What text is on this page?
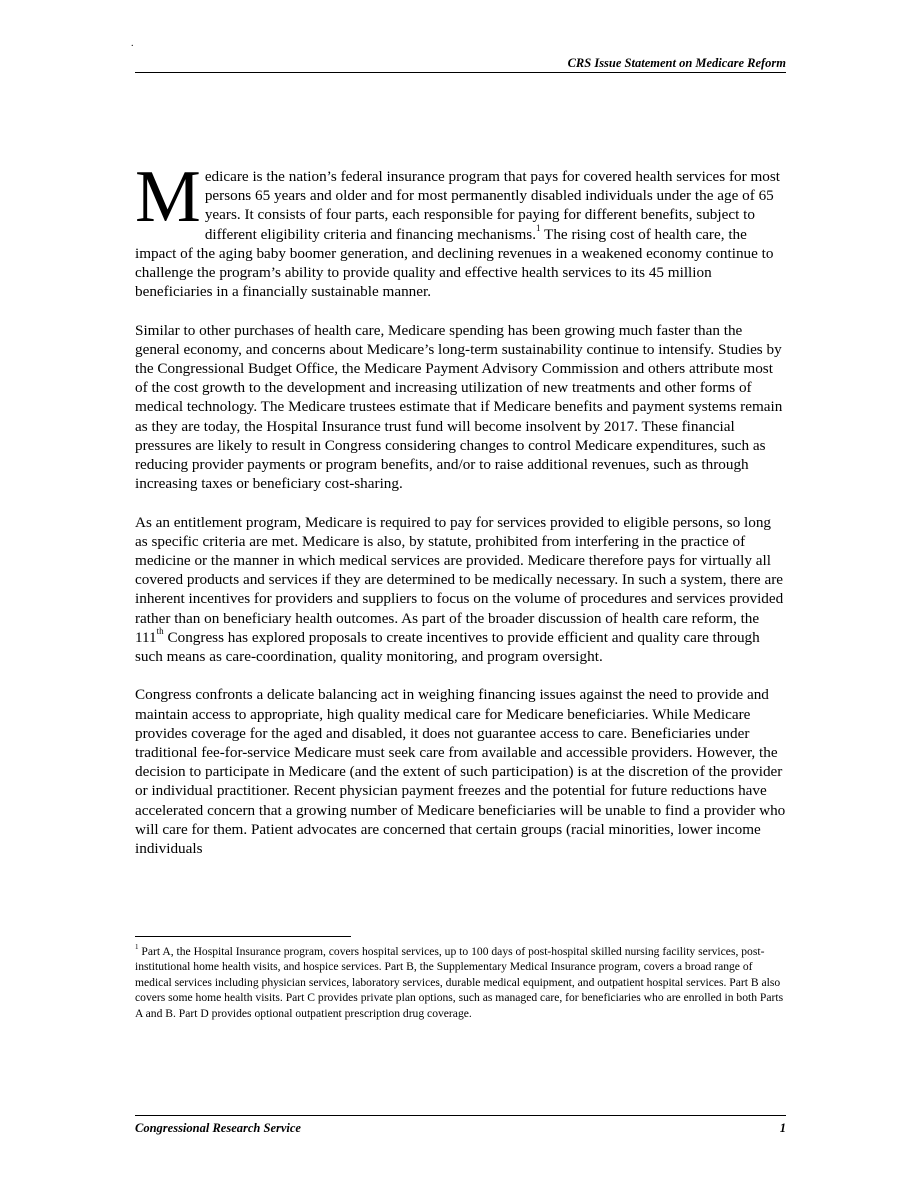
.
CRS Issue Statement on Medicare Reform

Medicare is the nation’s federal insurance program that pays for covered health services for most persons 65 years and older and for most permanently disabled individuals under the age of 65 years. It consists of four parts, each responsible for paying for different benefits, subject to different eligibility criteria and financing mechanisms.$^1$ The rising cost of health care, the impact of the aging baby boomer generation, and declining revenues in a weakened economy continue to challenge the program’s ability to provide quality and effective health services to its 45 million beneficiaries in a financially sustainable manner.

Similar to other purchases of health care, Medicare spending has been growing much faster than the general economy, and concerns about Medicare’s long-term sustainability continue to intensify. Studies by the Congressional Budget Office, the Medicare Payment Advisory Commission and others attribute most of the cost growth to the development and increasing utilization of new treatments and other forms of medical technology. The Medicare trustees estimate that if Medicare benefits and payment systems remain as they are today, the Hospital Insurance trust fund will become insolvent by 2017. These financial pressures are likely to result in Congress considering changes to control Medicare expenditures, such as reducing provider payments or program benefits, and/or to raise additional revenues, such as through increasing taxes or beneficiary cost-sharing.

As an entitlement program, Medicare is required to pay for services provided to eligible persons, so long as specific criteria are met. Medicare is also, by statute, prohibited from interfering in the practice of medicine or the manner in which medical services are provided. Medicare therefore pays for virtually all covered products and services if they are determined to be medically necessary. In such a system, there are inherent incentives for providers and suppliers to focus on the volume of procedures and services provided rather than on beneficiary health outcomes. As part of the broader discussion of health care reform, the 111th Congress has explored proposals to create incentives to provide efficient and quality care through such means as care-coordination, quality monitoring, and program oversight.

Congress confronts a delicate balancing act in weighing financing issues against the need to provide and maintain access to appropriate, high quality medical care for Medicare beneficiaries. While Medicare provides coverage for the aged and disabled, it does not guarantee access to care. Beneficiaries under traditional fee-for-service Medicare must seek care from available and accessible providers. However, the decision to participate in Medicare (and the extent of such participation) is at the discretion of the provider or individual practitioner. Recent physician payment freezes and the potential for future reductions have accelerated concern that a growing number of Medicare beneficiaries will be unable to find a provider who will care for them. Patient advocates are concerned that certain groups (racial minorities, lower income individuals

$^1$ Part A, the Hospital Insurance program, covers hospital services, up to 100 days of post-hospital skilled nursing facility services, post-institutional home health visits, and hospice services. Part B, the Supplementary Medical Insurance program, covers a broad range of medical services including physician services, laboratory services, durable medical equipment, and outpatient hospital services. Part B also covers some home health visits. Part C provides private plan options, such as managed care, for beneficiaries who are enrolled in both Parts A and B. Part D provides optional outpatient prescription drug coverage.
Congressional Research Service	1
